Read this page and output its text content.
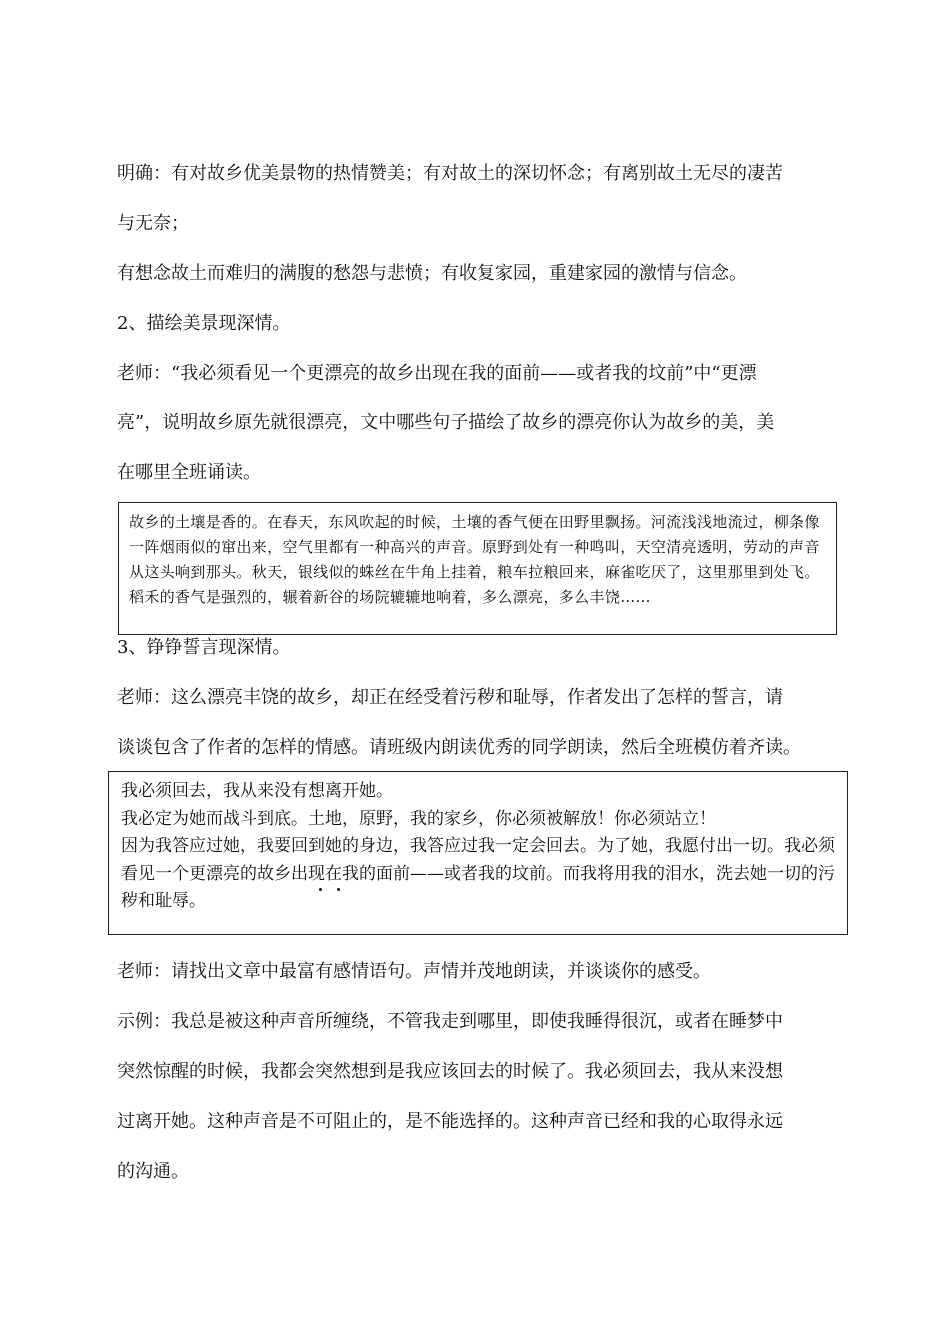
明确：有对故乡优美景物的热情赞美；有对故土的深切怀念；有离别故土无尽的凄苦
与无奈；
有想念故土而难归的满腹的愁怨与悲愤；有收复家园，重建家园的激情与信念。
2、描绘美景现深情。
老师：“我必须看见一个更漂亮的故乡出现在我的面前——或者我的坟前”中“更漂
亮”，说明故乡原先就很漂亮，文中哪些句子描绘了故乡的漂亮你认为故乡的美，美
在哪里全班诵读。
故乡的土壤是香的。在春天，东风吹起的时候，土壤的香气便在田野里飘扬。河流浅浅地流过，柳条像一阵烟雨似的窜出来，空气里都有一种高兴的声音。原野到处有一种鸣叫，天空清亮透明，劳动的声音从这头响到那头。秋天，银线似的蛛丝在牛角上挂着，粮车拉粮回来，麻雀吃厌了，这里那里到处飞。稻禾的香气是强烈的，辗着新谷的场院辘辘地响着，多么漂亮，多么丰饶……
3、铮铮誓言现深情。
老师：这么漂亮丰饶的故乡，却正在经受着污秽和耻辱，作者发出了怎样的誓言，请
谈谈包含了作者的怎样的情感。请班级内朗读优秀的同学朗读，然后全班模仿着齐读。
我必须回去，我从来没有想离开她。
我必定为她而战斗到底。土地，原野，我的家乡，你必须被解放！你必须站立！
因为我答应过她，我要回到她的身边，我答应过我一定会回去。为了她，我愿付出一切。我必须看见一个更漂亮的故乡出现在我的面前——或者我的坟前。而我将用我的泪水，洗去她一切的污秽和耻辱。
老师：请找出文章中最富有感情语句。声情并茂地朗读，并谈谈你的感受。
示例：我总是被这种声音所缠绕，不管我走到哪里，即使我睡得很沉，或者在睡梦中
突然惊醒的时候，我都会突然想到是我应该回去的时候了。我必须回去，我从来没想
过离开她。这种声音是不可阻止的，是不能选择的。这种声音已经和我的心取得永远
的沟通。
